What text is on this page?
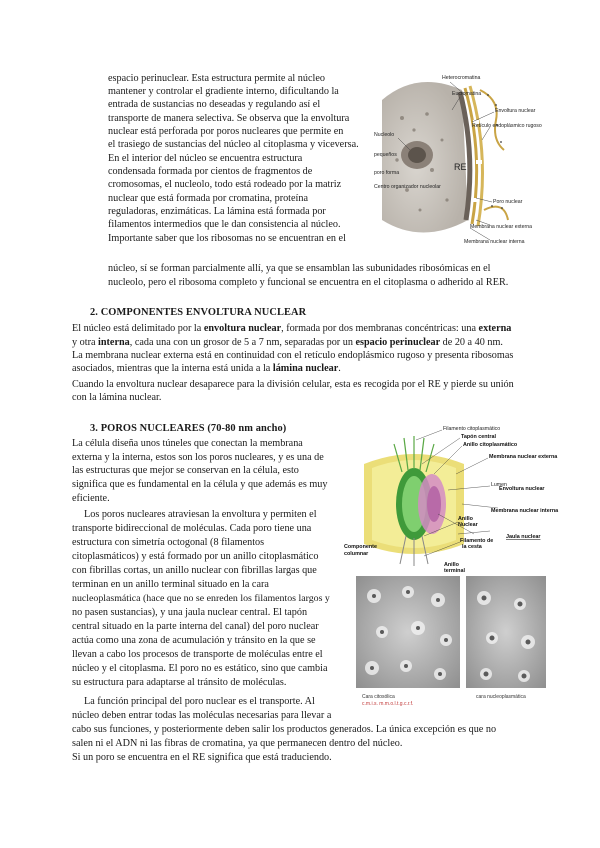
espacio perinuclear. Esta estructura permite al núcleo

mantener y controlar el gradiente interno, dificultando la

entrada de sustancias no deseadas y regulando así el

transporte de manera selectiva. Se observa que la envoltura

nuclear está perforada por poros nucleares que permite en

el trasiego de sustancias del núcleo al citoplasma y viceversa.

En el interior del núcleo se encuentra estructura

condensada formada por cientos de fragmentos de

cromosomas, el nucleolo, todo está rodeado por la matriz

nuclear que está formada por cromatina, proteína

reguladoras, enzimáticas. La lámina está formada por

filamentos intermedios que le dan consistencia al núcleo.

Importante saber que los ribosomas no se encuentran en el

núcleo, sí se forman parcialmente allí, ya que se ensamblan las subunidades ribosómicas en el

nucleolo, pero el ribosoma completo y funcional se encuentra en el citoplasma o adherido al RER.

Heterocromatina
Eucromatina
Envoltura nuclear
Retículo endoplásmico rugoso
Nucleolo
pequeños
poro forma
Centro organizador nucleolar
RE
Poro nuclear
Membrana nuclear externa
Membrana nuclear interna
2. COMPONENTES ENVOLTURA NUCLEAR

El núcleo está delimitado por la envoltura nuclear, formada por dos membranas concéntricas: una externa

y otra interna, cada una con un grosor de 5 a 7 nm, separadas por un espacio perinuclear de 20 a 40 nm.

La membrana nuclear externa está en continuidad con el retículo endoplásmico rugoso y presenta ribosomas

asociados, mientras que la interna está unida a la lámina nuclear.

Cuando la envoltura nuclear desaparece para la división celular, esta es recogida por el RE y pierde su unión

con la lámina nuclear.

3. POROS NUCLEARES (70-80 nm ancho)

La célula diseña unos túneles que conectan la membrana

externa y la interna, estos son los poros nucleares, y es una de

las estructuras que mejor se conservan en la célula, esto

significa que es fundamental en la célula y que además es muy

eficiente.

Los poros nucleares atraviesan la envoltura y permiten el

transporte bidireccional de moléculas. Cada poro tiene una

estructura con simetría octogonal (8 filamentos

citoplasmáticos) y está formado por un anillo citoplasmático

con fibrillas cortas, un anillo nuclear con fibrillas largas que

terminan en un anillo terminal situado en la cara

nucleoplasmática (hace que no se enreden los filamentos largos y

no pasen sustancias), y una jaula nuclear central. El tapón

central situado en la parte interna del canal) del poro nuclear

actúa como una zona de acumulación y tránsito en la que se

llevan a cabo los procesos de transporte de moléculas entre el

núcleo y el citoplasma. El poro no es estático, sino que cambia

su estructura para adaptarse al tránsito de moléculas.

La función principal del poro nuclear es el transporte. Al

núcleo deben entrar todas las moléculas necesarias para llevar a

cabo sus funciones, y posteriormente deben salir los productos generados. La única excepción es que no

salen ni el ADN ni las fibras de cromatina, ya que permanecen dentro del núcleo.

Si un poro se encuentra en el RE significa que está traduciendo.

Filamento citoplasmático
Tapón central
Anillo citoplasmático
Membrana nuclear externa
Lumen
Envoltura nuclear
Membrana nuclear interna
Anillo
Nuclear
Jaula nuclear
Filamento de
la cesta
Componente
columnar
Anillo
terminal
Cara citosólica
c.m.i.s. m.m.o.l.t.g.c.r.f.
cara nucleoplasmática
